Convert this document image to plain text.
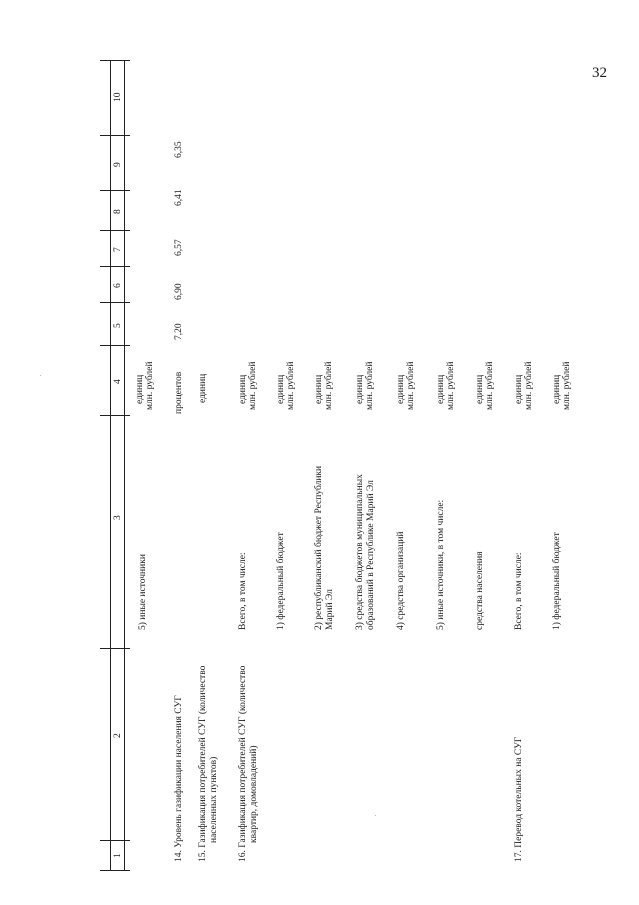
32
10
9
8
7
6
5
4
3
2
1
5) иные источники
единиц млн. рублей
14. Уровень газификации населения СУГ
процентов
7,20
6,90
6,57
6,41
6,35
15. Газификация потребителей СУГ (количество населенных пунктов)
единиц
16. Газификация потребителей СУГ (количество квартир, домовладений)
Всего, в том числе:
единиц млн. рублей
1) федеральный бюджет
единиц млн. рублей
2) республиканский бюджет Республики Марий Эл
единиц млн. рублей
3) средства бюджетов муниципальных образований в Республике Марий Эл
единиц млн. рублей
4) средства организаций
единиц млн. рублей
5) иные источники, в том числе:
единиц млн. рублей
средства населения
единиц млн. рублей
17. Перевод котельных на СУГ
Всего, в том числе:
единиц млн. рублей
1) федеральный бюджет
единиц млн. рублей
